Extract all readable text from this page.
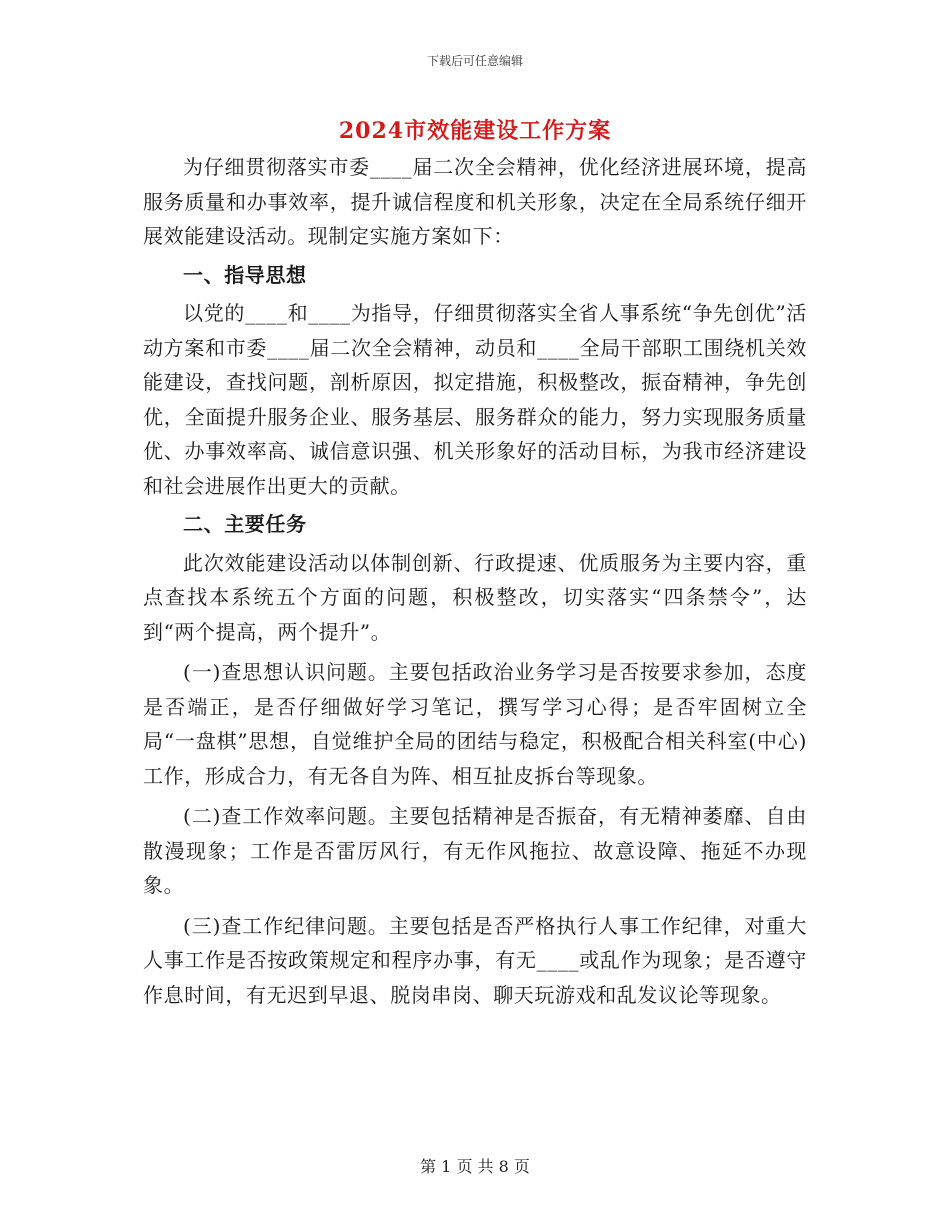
下载后可任意编辑
2024市效能建设工作方案

为仔细贯彻落实市委____届二次全会精神，优化经济进展环境，提高服务质量和办事效率，提升诚信程度和机关形象，决定在全局系统仔细开展效能建设活动。现制定实施方案如下：

一、指导思想

以党的____和____为指导，仔细贯彻落实全省人事系统“争先创优”活动方案和市委____届二次全会精神，动员和____全局干部职工围绕机关效能建设，查找问题，剖析原因，拟定措施，积极整改，振奋精神，争先创优，全面提升服务企业、服务基层、服务群众的能力，努力实现服务质量优、办事效率高、诚信意识强、机关形象好的活动目标，为我市经济建设和社会进展作出更大的贡献。

二、主要任务

此次效能建设活动以体制创新、行政提速、优质服务为主要内容，重点查找本系统五个方面的问题，积极整改，切实落实“四条禁令”，达到“两个提高，两个提升”。

(一)查思想认识问题。主要包括政治业务学习是否按要求参加，态度是否端正，是否仔细做好学习笔记，撰写学习心得；是否牢固树立全局“一盘棋”思想，自觉维护全局的团结与稳定，积极配合相关科室(中心)工作，形成合力，有无各自为阵、相互扯皮拆台等现象。

(二)查工作效率问题。主要包括精神是否振奋，有无精神萎靡、自由散漫现象；工作是否雷厉风行，有无作风拖拉、故意设障、拖延不办现象。

(三)查工作纪律问题。主要包括是否严格执行人事工作纪律，对重大人事工作是否按政策规定和程序办事，有无____或乱作为现象；是否遵守作息时间，有无迟到早退、脱岗串岗、聊天玩游戏和乱发议论等现象。

第 1 页 共 8 页
